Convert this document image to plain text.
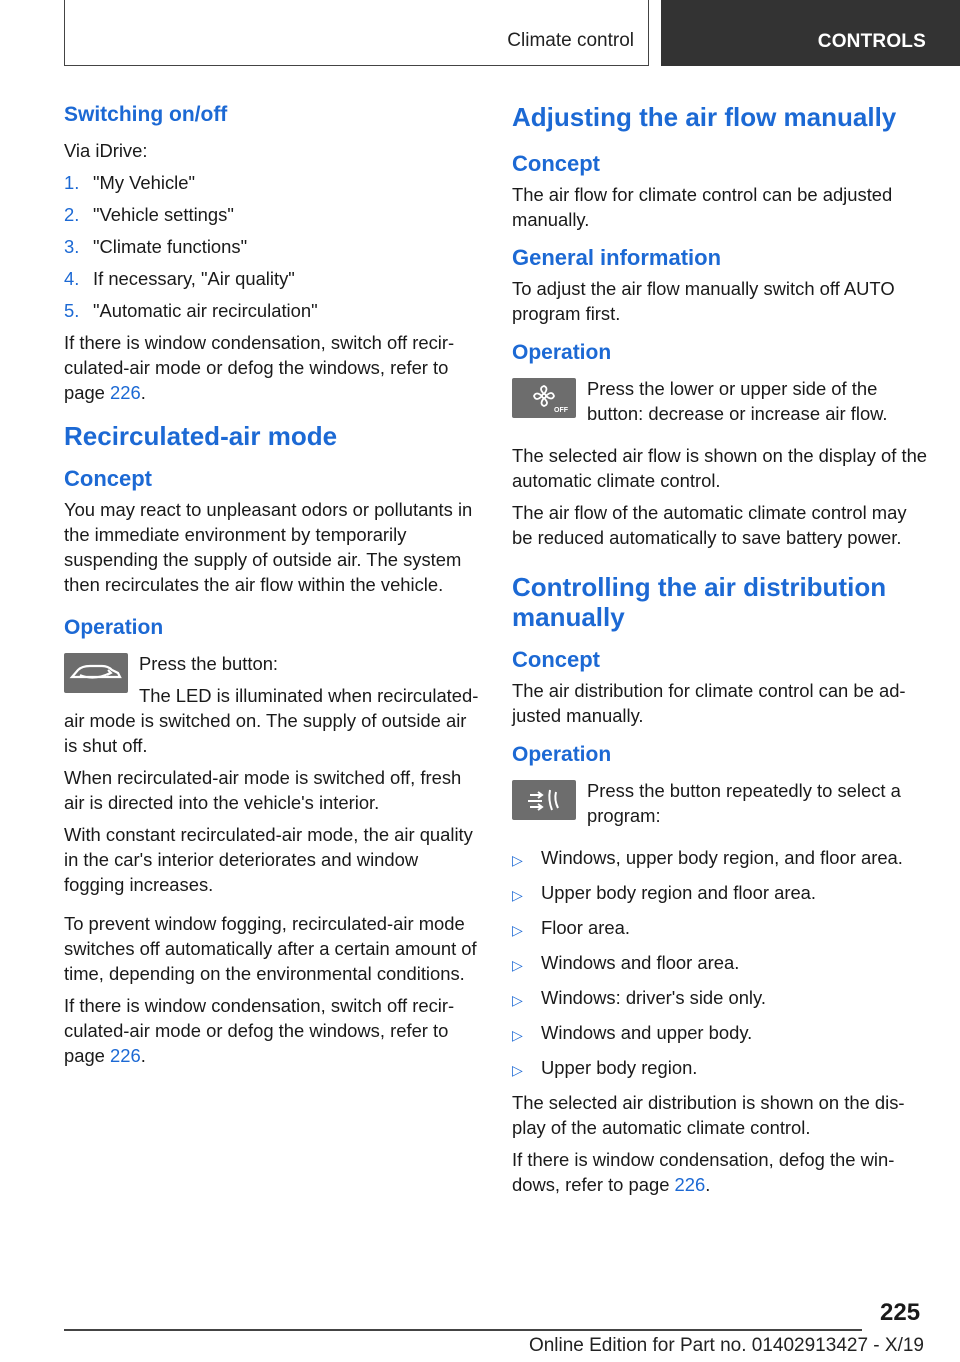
Climate control	CONTROLS
Switching on/off

Via iDrive:

1. "My Vehicle"
2. "Vehicle settings"
3. "Climate functions"
4. If necessary, "Air quality"
5. "Automatic air recirculation"

If there is window condensation, switch off recirculated-air mode or defog the windows, refer to page 226.

Recirculated-air mode
Concept

You may react to unpleasant odors or pollutants in the immediate environment by temporarily suspending the supply of outside air. The system then recirculates the air flow within the vehicle.

Operation

Press the button:

The LED is illuminated when recirculated-air mode is switched on. The supply of outside air is shut off.

When recirculated-air mode is switched off, fresh air is directed into the vehicle's interior.

With constant recirculated-air mode, the air quality in the car's interior deteriorates and window fogging increases.

To prevent window fogging, recirculated-air mode switches off automatically after a certain amount of time, depending on the environmental conditions.

If there is window condensation, switch off recirculated-air mode or defog the windows, refer to page 226.

Adjusting the air flow manually
Concept

The air flow for climate control can be adjusted manually.

General information

To adjust the air flow manually switch off AUTO program first.

Operation
OFF

Press the lower or upper side of the button: decrease or increase air flow.

The selected air flow is shown on the display of the automatic climate control.

The air flow of the automatic climate control may be reduced automatically to save battery power.

Controlling the air distribution manually
Concept

The air distribution for climate control can be adjusted manually.

Operation

Press the button repeatedly to select a program:

▷ Windows, upper body region, and floor area.
▷ Upper body region and floor area.
▷ Floor area.
▷ Windows and floor area.
▷ Windows: driver's side only.
▷ Windows and upper body.
▷ Upper body region.

The selected air distribution is shown on the display of the automatic climate control.

If there is window condensation, defog the windows, refer to page 226.

225
Online Edition for Part no. 01402913427 - X/19
